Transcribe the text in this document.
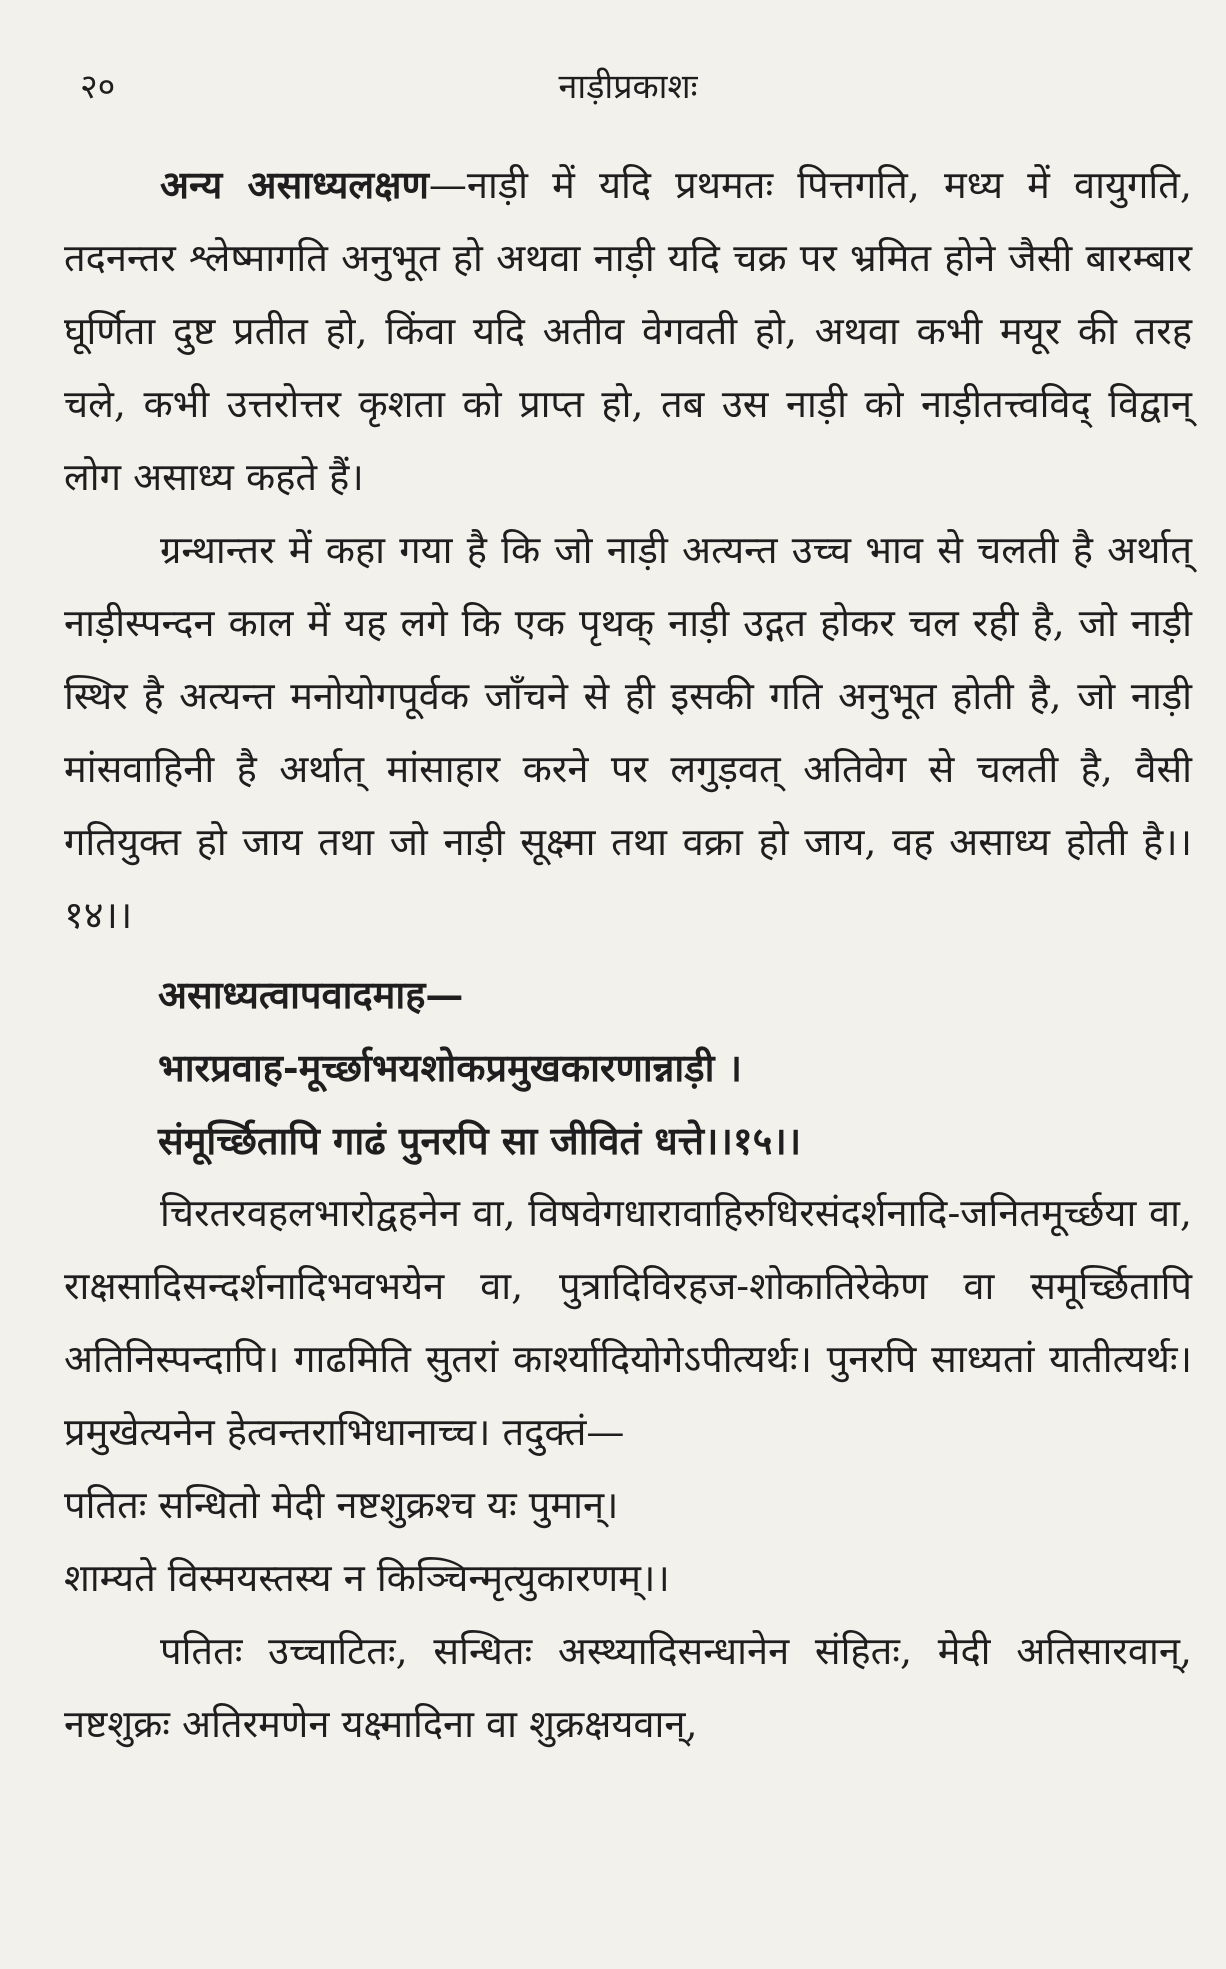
२०	नाड़ीप्रकाशः

अन्य असाध्यलक्षण—नाड़ी में यदि प्रथमतः पित्तगति, मध्य में वायुगति, तदनन्तर श्लेष्मागति अनुभूत हो अथवा नाड़ी यदि चक्र पर भ्रमित होने जैसी बारम्बार घूर्णिता दुष्ट प्रतीत हो, किंवा यदि अतीव वेगवती हो, अथवा कभी मयूर की तरह चले, कभी उत्तरोत्तर कृशता को प्राप्त हो, तब उस नाड़ी को नाड़ीतत्त्वविद् विद्वान् लोग असाध्य कहते हैं।

ग्रन्थान्तर में कहा गया है कि जो नाड़ी अत्यन्त उच्च भाव से चलती है अर्थात् नाड़ीस्पन्दन काल में यह लगे कि एक पृथक् नाड़ी उद्गत होकर चल रही है, जो नाड़ी स्थिर है अत्यन्त मनोयोगपूर्वक जाँचने से ही इसकी गति अनुभूत होती है, जो नाड़ी मांसवाहिनी है अर्थात् मांसाहार करने पर लगुड़वत् अतिवेग से चलती है, वैसी गतियुक्त हो जाय तथा जो नाड़ी सूक्ष्मा तथा वक्रा हो जाय, वह असाध्य होती है।।१४।।

असाध्यत्वापवादमाह—

भारप्रवाह-मूर्च्छाभयशोकप्रमुखकारणान्नाड़ी ।

संमूर्च्छितापि गाढं पुनरपि सा जीवितं धत्ते।।१५।।

चिरतरवहलभारोद्वहनेन वा, विषवेगधारावाहिरुधिरसंदर्शनादि-जनितमूर्च्छया वा, राक्षसादिसन्दर्शनादिभवभयेन वा, पुत्रादिविरहज-शोकातिरेकेण वा समूर्च्छितापि अतिनिस्पन्दापि। गाढमिति सुतरां कार्श्यादियोगेऽपीत्यर्थः। पुनरपि साध्यतां यातीत्यर्थः। प्रमुखेत्यनेन हेत्वन्तराभिधानाच्च। तदुक्तं—

पतितः सन्धितो मेदी नष्टशुक्रश्च यः पुमान्।

शाम्यते विस्मयस्तस्य न किञ्चिन्मृत्युकारणम्।।

पतितः उच्चाटितः, सन्धितः अस्थ्यादिसन्धानेन संहितः, मेदी अतिसारवान्, नष्टशुक्रः अतिरमणेन यक्ष्मादिना वा शुक्रक्षयवान्,
